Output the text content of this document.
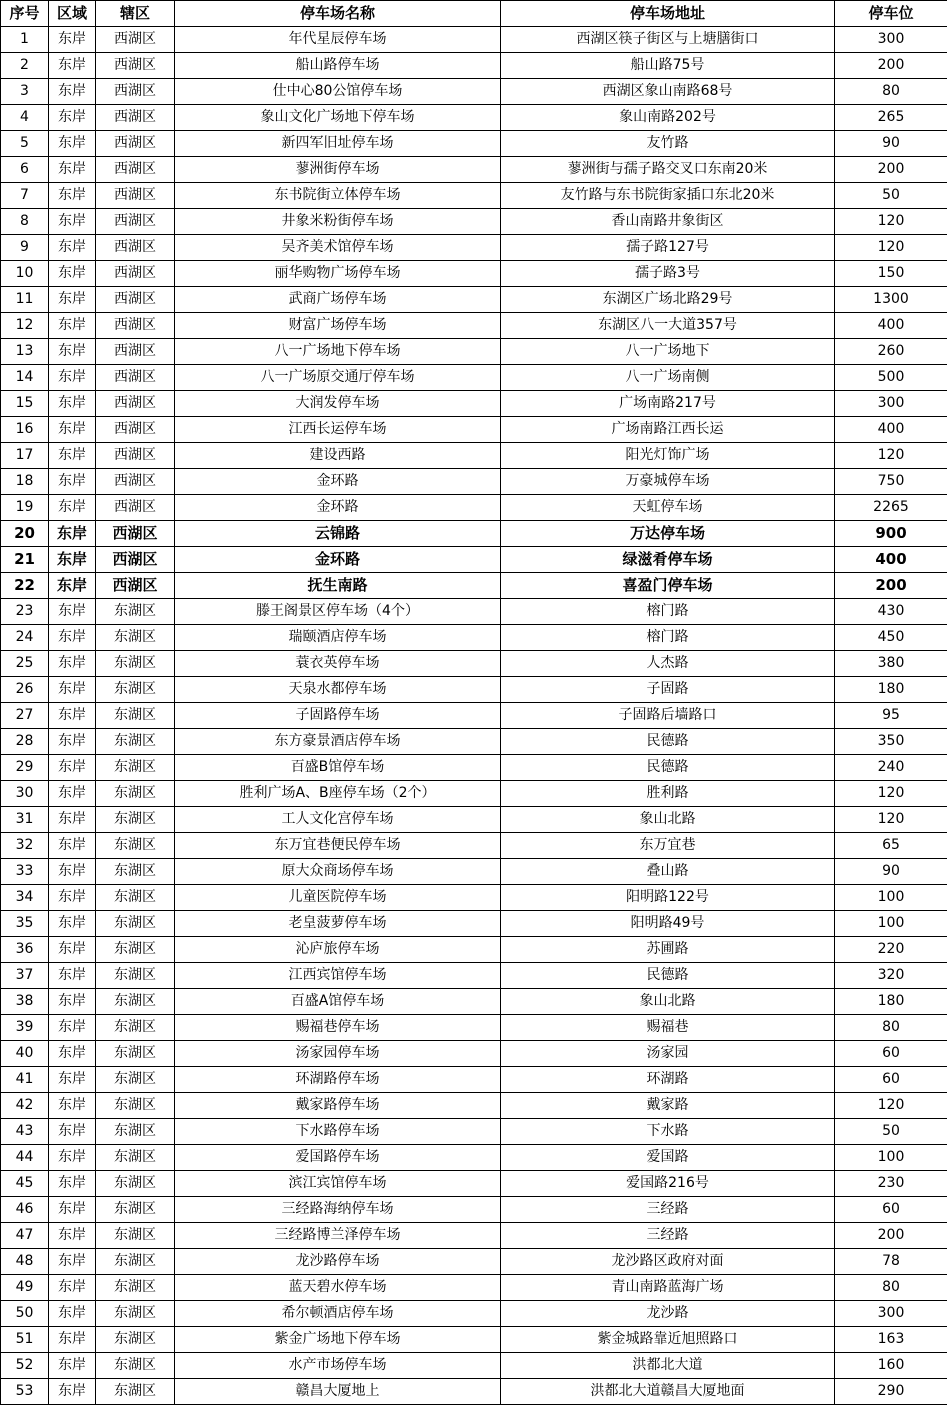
序号	区域	辖区	停车场名称	停车场地址	停车位
1	东岸	西湖区	年代星辰停车场	西湖区筷子街区与上塘膳街口	300
2	东岸	西湖区	船山路停车场	船山路75号	200
3	东岸	西湖区	仕中心80公馆停车场	西湖区象山南路68号	80
4	东岸	西湖区	象山文化广场地下停车场	象山南路202号	265
5	东岸	西湖区	新四军旧址停车场	友竹路	90
6	东岸	西湖区	蓼洲街停车场	蓼洲街与孺子路交叉口东南20米	200
7	东岸	西湖区	东书院街立体停车场	友竹路与东书院街家插口东北20米	50
8	东岸	西湖区	井象米粉街停车场	香山南路井象街区	120
9	东岸	西湖区	吴齐美术馆停车场	孺子路127号	120
10	东岸	西湖区	丽华购物广场停车场	孺子路3号	150
11	东岸	西湖区	武商广场停车场	东湖区广场北路29号	1300
12	东岸	西湖区	财富广场停车场	东湖区八一大道357号	400
13	东岸	西湖区	八一广场地下停车场	八一广场地下	260
14	东岸	西湖区	八一广场原交通厅停车场	八一广场南侧	500
15	东岸	西湖区	大润发停车场	广场南路217号	300
16	东岸	西湖区	江西长运停车场	广场南路江西长运	400
17	东岸	西湖区	建设西路	阳光灯饰广场	120
18	东岸	西湖区	金环路	万豪城停车场	750
19	东岸	西湖区	金环路	天虹停车场	2265
20	东岸	西湖区	云锦路	万达停车场	900
21	东岸	西湖区	金环路	绿滋肴停车场	400
22	东岸	西湖区	抚生南路	喜盈门停车场	200
23	东岸	东湖区	滕王阁景区停车场（4个）	榕门路	430
24	东岸	东湖区	瑞颐酒店停车场	榕门路	450
25	东岸	东湖区	蓑衣英停车场	人杰路	380
26	东岸	东湖区	天泉水都停车场	子固路	180
27	东岸	东湖区	子固路停车场	子固路后墙路口	95
28	东岸	东湖区	东方豪景酒店停车场	民德路	350
29	东岸	东湖区	百盛B馆停车场	民德路	240
30	东岸	东湖区	胜利广场A、B座停车场（2个）	胜利路	120
31	东岸	东湖区	工人文化宫停车场	象山北路	120
32	东岸	东湖区	东万宜巷便民停车场	东万宜巷	65
33	东岸	东湖区	原大众商场停车场	叠山路	90
34	东岸	东湖区	儿童医院停车场	阳明路122号	100
35	东岸	东湖区	老皇菠萝停车场	阳明路49号	100
36	东岸	东湖区	沁庐旅停车场	苏圃路	220
37	东岸	东湖区	江西宾馆停车场	民德路	320
38	东岸	东湖区	百盛A馆停车场	象山北路	180
39	东岸	东湖区	赐福巷停车场	赐福巷	80
40	东岸	东湖区	汤家园停车场	汤家园	60
41	东岸	东湖区	环湖路停车场	环湖路	60
42	东岸	东湖区	戴家路停车场	戴家路	120
43	东岸	东湖区	下水路停车场	下水路	50
44	东岸	东湖区	爱国路停车场	爱国路	100
45	东岸	东湖区	滨江宾馆停车场	爱国路216号	230
46	东岸	东湖区	三经路海纳停车场	三经路	60
47	东岸	东湖区	三经路博兰泽停车场	三经路	200
48	东岸	东湖区	龙沙路停车场	龙沙路区政府对面	78
49	东岸	东湖区	蓝天碧水停车场	青山南路蓝海广场	80
50	东岸	东湖区	希尔顿酒店停车场	龙沙路	300
51	东岸	东湖区	紫金广场地下停车场	紫金城路靠近旭照路口	163
52	东岸	东湖区	水产市场停车场	洪都北大道	160
53	东岸	东湖区	赣昌大厦地上	洪都北大道赣昌大厦地面	290
